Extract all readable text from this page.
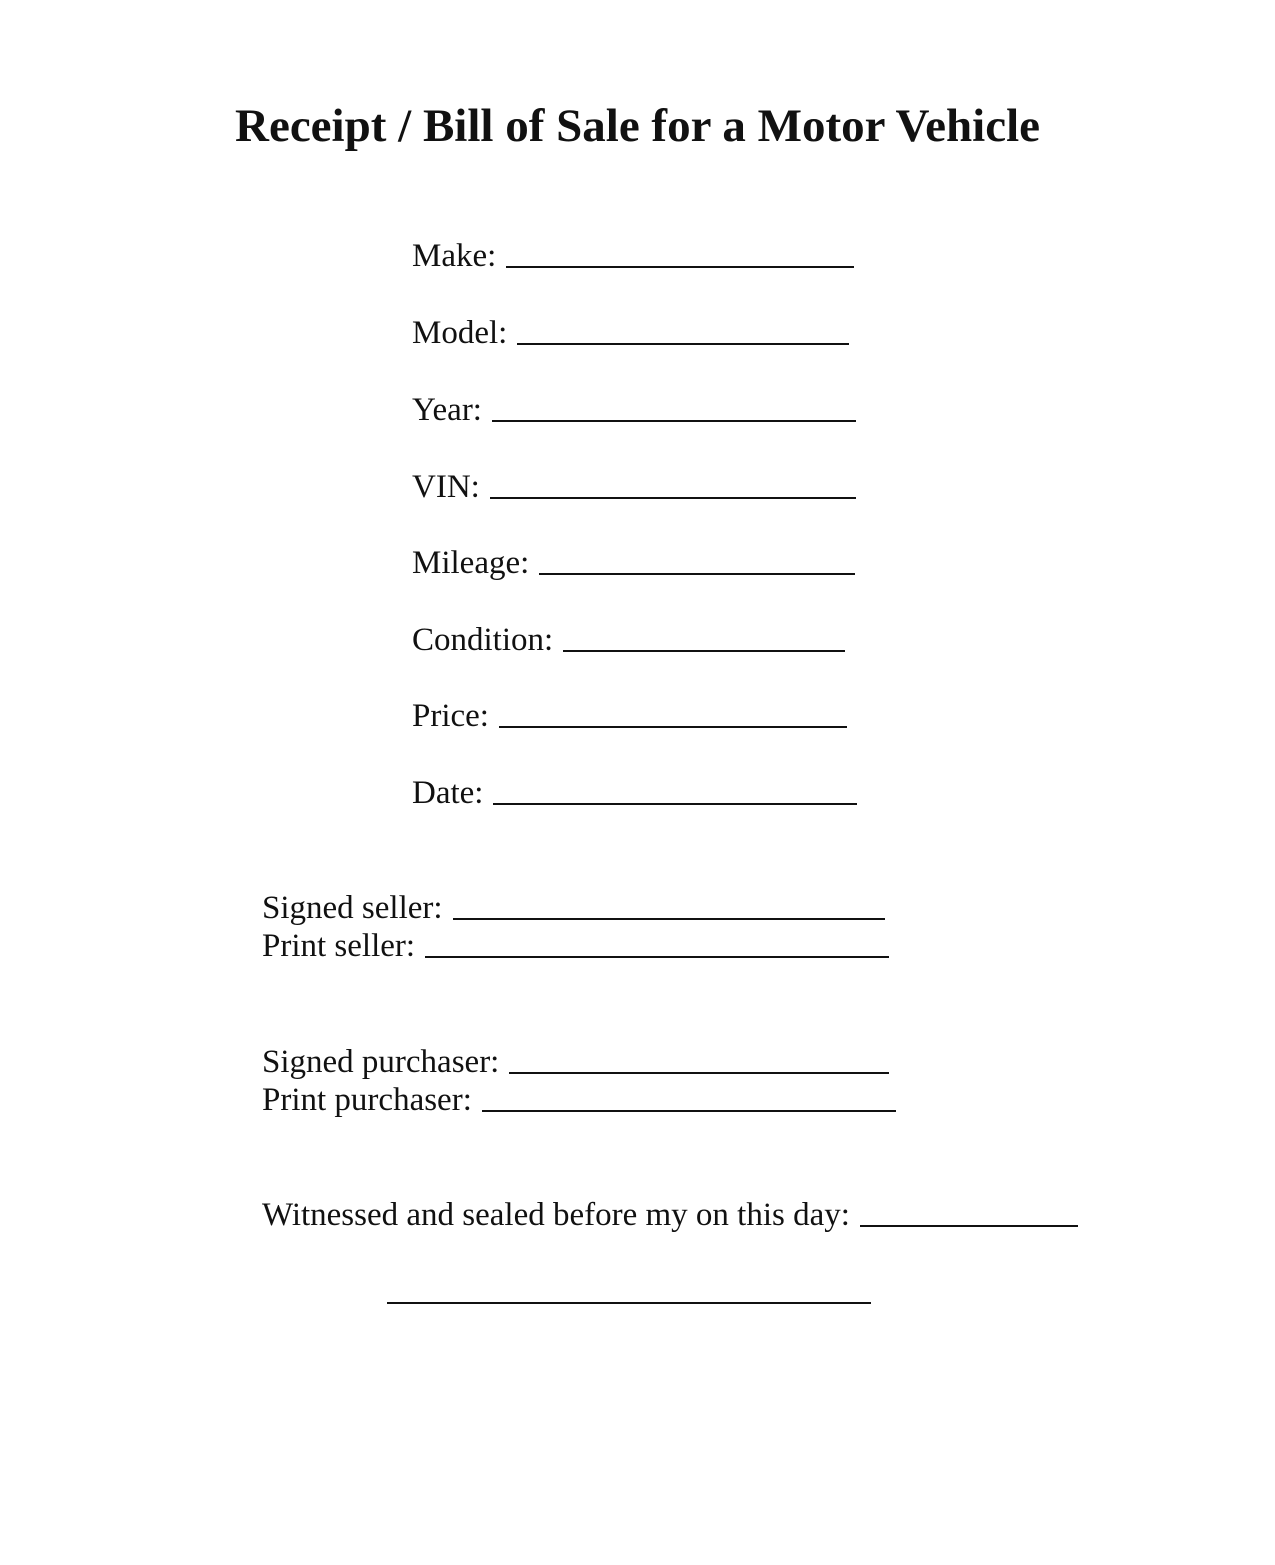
Receipt / Bill of Sale for a Motor Vehicle
Make:
Model:
Year:
VIN:
Mileage:
Condition:
Price:
Date:
Signed seller:
Print seller:
Signed purchaser:
Print purchaser:
Witnessed and sealed before my on this day:
